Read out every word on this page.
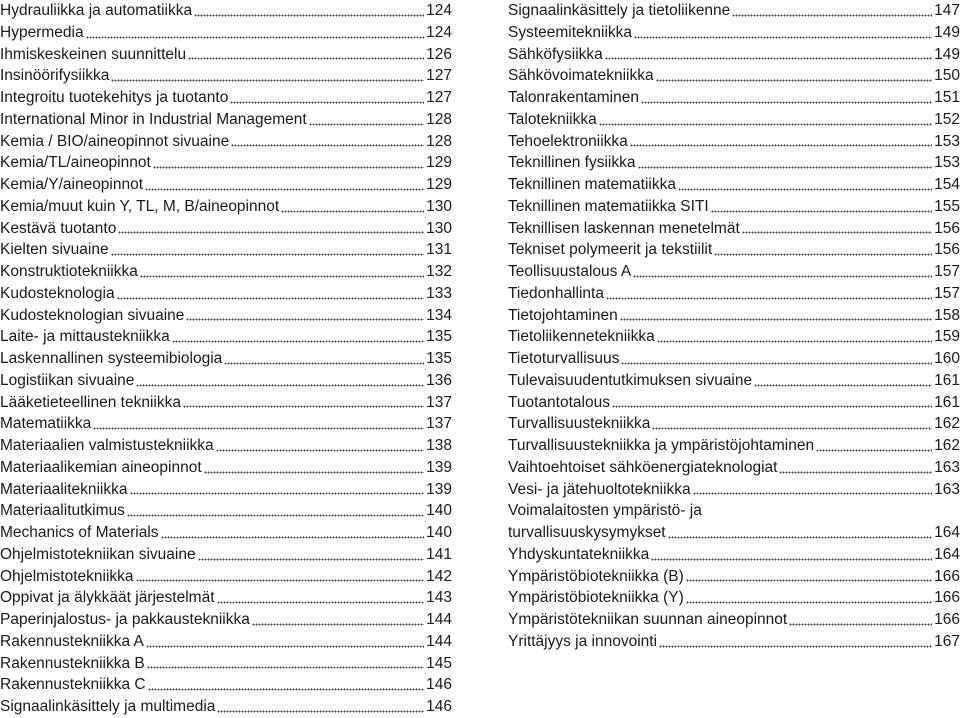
Hydrauliikka ja automatiikka	124
Hypermedia	124
Ihmiskeskeinen suunnittelu	126
Insinöörifysiikka	127
Integroitu tuotekehitys ja tuotanto	127
International Minor in Industrial Management	128
Kemia / BIO/aineopinnot sivuaine	128
Kemia/TL/aineopinnot	129
Kemia/Y/aineopinnot	129
Kemia/muut kuin Y, TL, M, B/aineopinnot	130
Kestävä tuotanto	130
Kielten sivuaine	131
Konstruktiotekniikka	132
Kudosteknologia	133
Kudosteknologian sivuaine	134
Laite- ja mittaustekniikka	135
Laskennallinen systeemibiologia	135
Logistiikan sivuaine	136
Lääketieteellinen tekniikka	137
Matematiikka	137
Materiaalien valmistustekniikka	138
Materiaalikemian aineopinnot	139
Materiaalitekniikka	139
Materiaalitutkimus	140
Mechanics of Materials	140
Ohjelmistotekniikan sivuaine	141
Ohjelmistotekniikka	142
Oppivat ja älykkäät järjestelmät	143
Paperinjalostus- ja pakkaustekniikka	144
Rakennustekniikka A	144
Rakennustekniikka B	145
Rakennustekniikka C	146
Signaalinkäsittely ja multimedia	146
Signaalinkäsittely ja tietoliikenne	147
Systeemitekniikka	149
Sähköfysiikka	149
Sähkövoimatekniikka	150
Talonrakentaminen	151
Talotekniikka	152
Tehoelektroniikka	153
Teknillinen fysiikka	153
Teknillinen matematiikka	154
Teknillinen matematiikka SITI	155
Teknillisen laskennan menetelmät	156
Tekniset polymeerit ja tekstiilit	156
Teollisuustalous A	157
Tiedonhallinta	157
Tietojohtaminen	158
Tietoliikennetekniikka	159
Tietoturvallisuus	160
Tulevaisuudentutkimuksen sivuaine	161
Tuotantotalous	161
Turvallisuustekniikka	162
Turvallisuustekniikka ja ympäristöjohtaminen	162
Vaihtoehtoiset sähköenergiateknologiat	163
Vesi- ja jätehuoltotekniikka	163
Voimalaitosten ympäristö- ja
turvallisuuskysymykset	164
Yhdyskuntatekniikka	164
Ympäristöbiotekniikka (B)	166
Ympäristöbiotekniikka (Y)	166
Ympäristötekniikan suunnan aineopinnot	166
Yrittäjyys ja innovointi	167
